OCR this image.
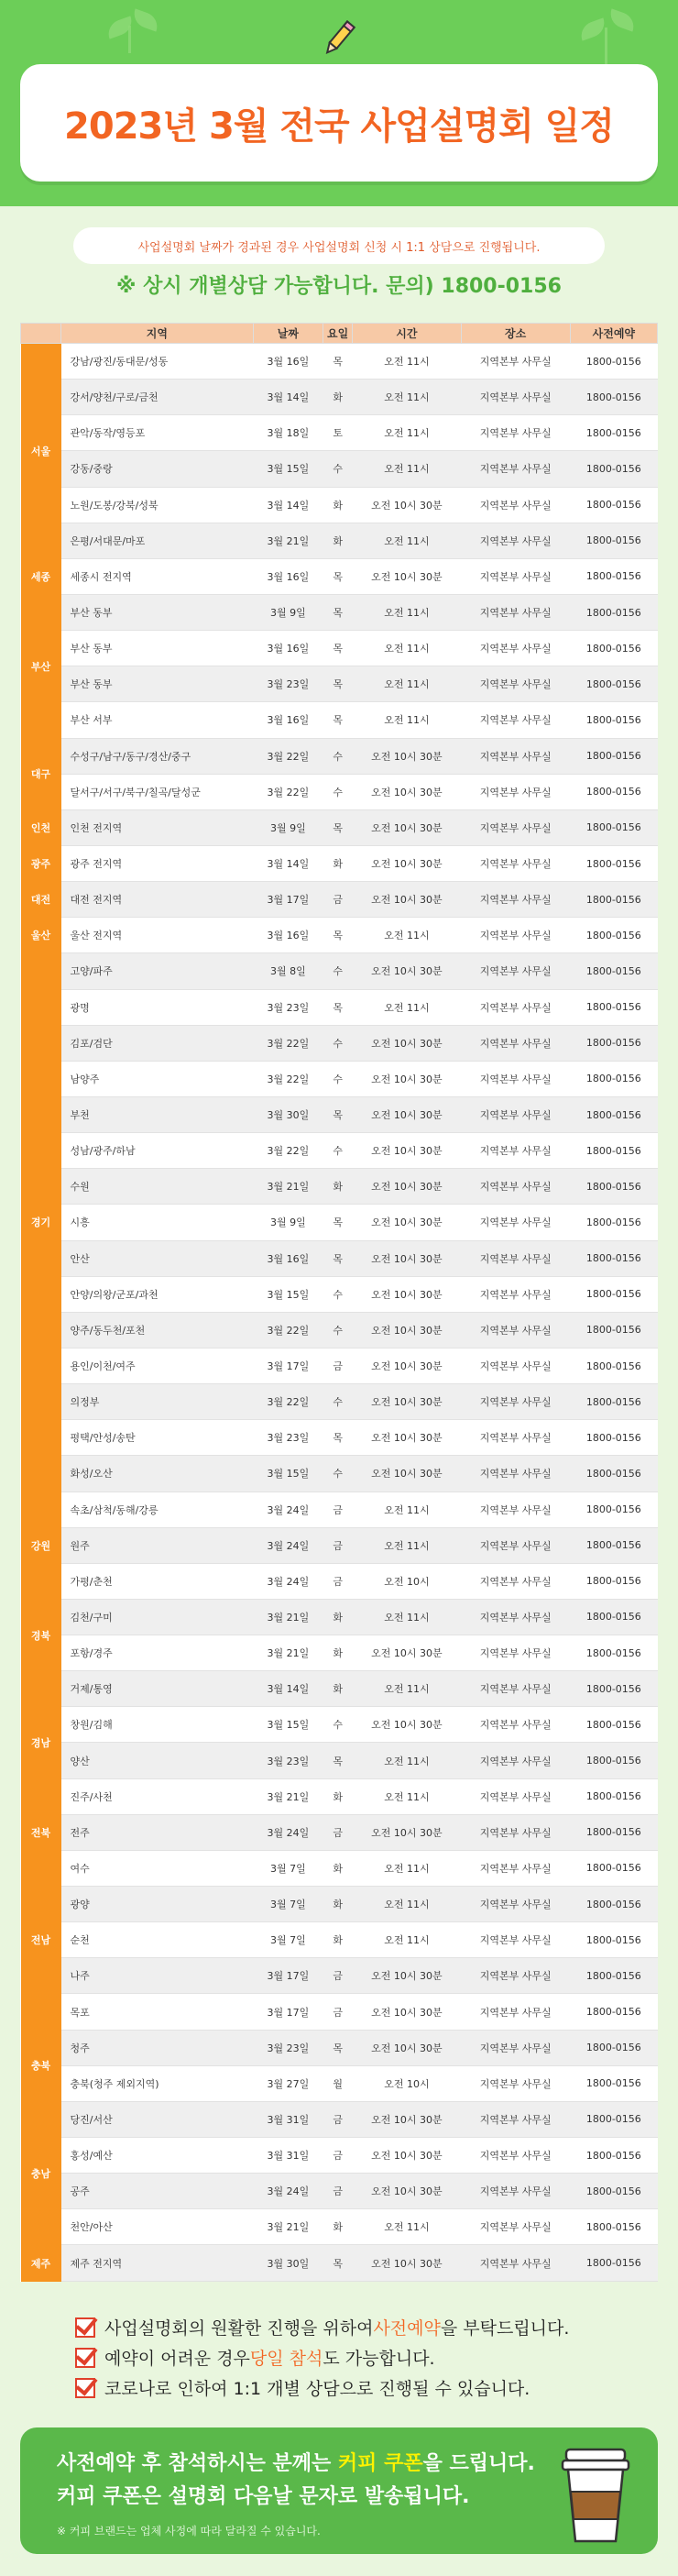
2023년 3월 전국 사업설명회 일정
사업설명회 날짜가 경과된 경우 사업설명회 신청 시 1:1 상담으로 진행됩니다.
※ 상시 개별상담 가능합니다. 문의) 1800-0156
	지역	날짜	요일	시간	장소	사전예약
서울	강남/광진/동대문/성동	3월 16일	목	오전 11시	지역본부 사무실	1800-0156
	강서/양천/구로/금천	3월 14일	화	오전 11시	지역본부 사무실	1800-0156
	관악/동작/영등포	3월 18일	토	오전 11시	지역본부 사무실	1800-0156
	강동/중랑	3월 15일	수	오전 11시	지역본부 사무실	1800-0156
	노원/도봉/강북/성북	3월 14일	화	오전 10시 30분	지역본부 사무실	1800-0156
	은평/서대문/마포	3월 21일	화	오전 11시	지역본부 사무실	1800-0156
세종	세종시 전지역	3월 16일	목	오전 10시 30분	지역본부 사무실	1800-0156
부산	부산 동부	3월 9일	목	오전 11시	지역본부 사무실	1800-0156
	부산 동부	3월 16일	목	오전 11시	지역본부 사무실	1800-0156
	부산 동부	3월 23일	목	오전 11시	지역본부 사무실	1800-0156
	부산 서부	3월 16일	목	오전 11시	지역본부 사무실	1800-0156
대구	수성구/남구/동구/경산/중구	3월 22일	수	오전 10시 30분	지역본부 사무실	1800-0156
	달서구/서구/북구/칠곡/달성군	3월 22일	수	오전 10시 30분	지역본부 사무실	1800-0156
인천	인천 전지역	3월 9일	목	오전 10시 30분	지역본부 사무실	1800-0156
광주	광주 전지역	3월 14일	화	오전 10시 30분	지역본부 사무실	1800-0156
대전	대전 전지역	3월 17일	금	오전 10시 30분	지역본부 사무실	1800-0156
울산	울산 전지역	3월 16일	목	오전 11시	지역본부 사무실	1800-0156
경기	고양/파주	3월 8일	수	오전 10시 30분	지역본부 사무실	1800-0156
	광명	3월 23일	목	오전 11시	지역본부 사무실	1800-0156
	김포/검단	3월 22일	수	오전 10시 30분	지역본부 사무실	1800-0156
	남양주	3월 22일	수	오전 10시 30분	지역본부 사무실	1800-0156
	부천	3월 30일	목	오전 10시 30분	지역본부 사무실	1800-0156
	성남/광주/하남	3월 22일	수	오전 10시 30분	지역본부 사무실	1800-0156
	수원	3월 21일	화	오전 10시 30분	지역본부 사무실	1800-0156
	시흥	3월 9일	목	오전 10시 30분	지역본부 사무실	1800-0156
	안산	3월 16일	목	오전 10시 30분	지역본부 사무실	1800-0156
	안양/의왕/군포/과천	3월 15일	수	오전 10시 30분	지역본부 사무실	1800-0156
	양주/동두천/포천	3월 22일	수	오전 10시 30분	지역본부 사무실	1800-0156
	용인/이천/여주	3월 17일	금	오전 10시 30분	지역본부 사무실	1800-0156
	의정부	3월 22일	수	오전 10시 30분	지역본부 사무실	1800-0156
	평택/안성/송탄	3월 23일	목	오전 10시 30분	지역본부 사무실	1800-0156
	화성/오산	3월 15일	수	오전 10시 30분	지역본부 사무실	1800-0156
강원	속초/삼척/동해/강릉	3월 24일	금	오전 11시	지역본부 사무실	1800-0156
	원주	3월 24일	금	오전 11시	지역본부 사무실	1800-0156
	가평/춘천	3월 24일	금	오전 10시	지역본부 사무실	1800-0156
경북	김천/구미	3월 21일	화	오전 11시	지역본부 사무실	1800-0156
	포항/경주	3월 21일	화	오전 10시 30분	지역본부 사무실	1800-0156
경남	거제/통영	3월 14일	화	오전 11시	지역본부 사무실	1800-0156
	창원/김해	3월 15일	수	오전 10시 30분	지역본부 사무실	1800-0156
	양산	3월 23일	목	오전 11시	지역본부 사무실	1800-0156
	진주/사천	3월 21일	화	오전 11시	지역본부 사무실	1800-0156
전북	전주	3월 24일	금	오전 10시 30분	지역본부 사무실	1800-0156
전남	여수	3월 7일	화	오전 11시	지역본부 사무실	1800-0156
	광양	3월 7일	화	오전 11시	지역본부 사무실	1800-0156
	순천	3월 7일	화	오전 11시	지역본부 사무실	1800-0156
	나주	3월 17일	금	오전 10시 30분	지역본부 사무실	1800-0156
	목포	3월 17일	금	오전 10시 30분	지역본부 사무실	1800-0156
충북	청주	3월 23일	목	오전 10시 30분	지역본부 사무실	1800-0156
	충북(청주 제외지역)	3월 27일	월	오전 10시	지역본부 사무실	1800-0156
충남	당진/서산	3월 31일	금	오전 10시 30분	지역본부 사무실	1800-0156
	홍성/예산	3월 31일	금	오전 10시 30분	지역본부 사무실	1800-0156
	공주	3월 24일	금	오전 10시 30분	지역본부 사무실	1800-0156
	천안/아산	3월 21일	화	오전 11시	지역본부 사무실	1800-0156
제주	제주 전지역	3월 30일	목	오전 10시 30분	지역본부 사무실	1800-0156
사업설명회의 원활한 진행을 위하여 사전예약 을 부탁드립니다.
예약이 어려운 경우 당일 참석 도 가능합니다.
코로나로 인하여 1:1 개별 상담으로 진행될 수 있습니다.
사전예약 후 참석하시는 분께는 커피 쿠폰을 드립니다.
커피 쿠폰은 설명회 다음날 문자로 발송됩니다.
※ 커피 브랜드는 업체 사정에 따라 달라질 수 있습니다.
